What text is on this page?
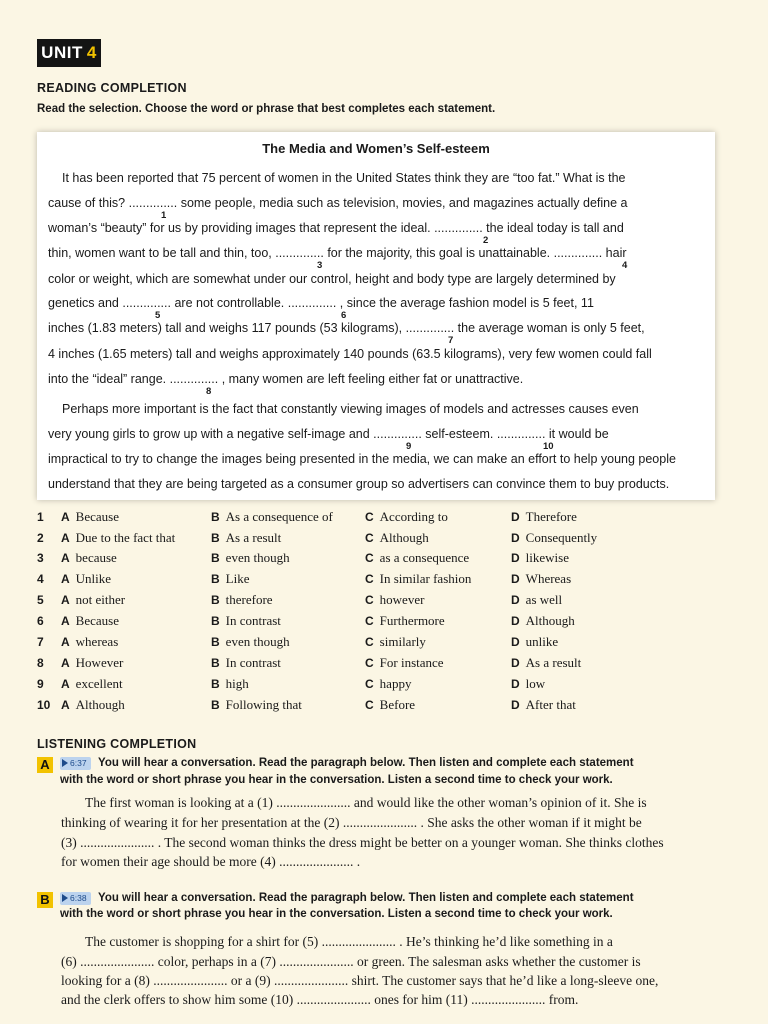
UNIT 4
READING COMPLETION
Read the selection. Choose the word or phrase that best completes each statement.
The Media and Women’s Self-esteem
It has been reported that 75 percent of women in the United States think they are “too fat.” What is the
cause of this? .............. some people, media such as television, movies, and magazines actually define a
woman’s “beauty” for us by providing images that represent the ideal. .............. the ideal today is tall and
thin, women want to be tall and thin, too, .............. for the majority, this goal is unattainable. .............. hair
color or weight, which are somewhat under our control, height and body type are largely determined by
genetics and .............. are not controllable. .............. , since the average fashion model is 5 feet, 11
inches (1.83 meters) tall and weighs 117 pounds (53 kilograms), .............. the average woman is only 5 feet,
4 inches (1.65 meters) tall and weighs approximately 140 pounds (63.5 kilograms), very few women could fall
into the “ideal” range. .............. , many women are left feeling either fat or unattractive.
Perhaps more important is the fact that constantly viewing images of models and actresses causes even
very young girls to grow up with a negative self-image and .............. self-esteem. .............. it would be
impractical to try to change the images being presented in the media, we can make an effort to help young people
understand that they are being targeted as a consumer group so advertisers can convince them to buy products.
1
2
3	4
5	6
7
8
9	10
1 A Because	B As a consequence of	C According to	D Therefore
2 A Due to the fact that	B As a result	C Although	D Consequently
3 A because	B even though	C as a consequence	D likewise
4 A Unlike	B Like	C In similar fashion	D Whereas
5 A not either	B therefore	C however	D as well
6 A Because	B In contrast	C Furthermore	D Although
7 A whereas	B even though	C similarly	D unlike
8 A However	B In contrast	C For instance	D As a result
9 A excellent	B high	C happy	D low
10 A Although	B Following that	C Before	D After that
LISTENING COMPLETION
A	6:37 You will hear a conversation. Read the paragraph below. Then listen and complete each statement
with the word or short phrase you hear in the conversation. Listen a second time to check your work.
The first woman is looking at a (1) ...................... and would like the other woman’s opinion of it. She is
thinking of wearing it for her presentation at the (2) ...................... . She asks the other woman if it might be
(3) ...................... . The second woman thinks the dress might be better on a younger woman. She thinks clothes
for women their age should be more (4) ...................... .
B	6:38 You will hear a conversation. Read the paragraph below. Then listen and complete each statement
with the word or short phrase you hear in the conversation. Listen a second time to check your work.
The customer is shopping for a shirt for (5) ...................... . He’s thinking he’d like something in a
(6) ...................... color, perhaps in a (7) ...................... or green. The salesman asks whether the customer is
looking for a (8) ...................... or a (9) ...................... shirt. The customer says that he’d like a long-sleeve one,
and the clerk offers to show him some (10) ...................... ones for him (11) ...................... from.
